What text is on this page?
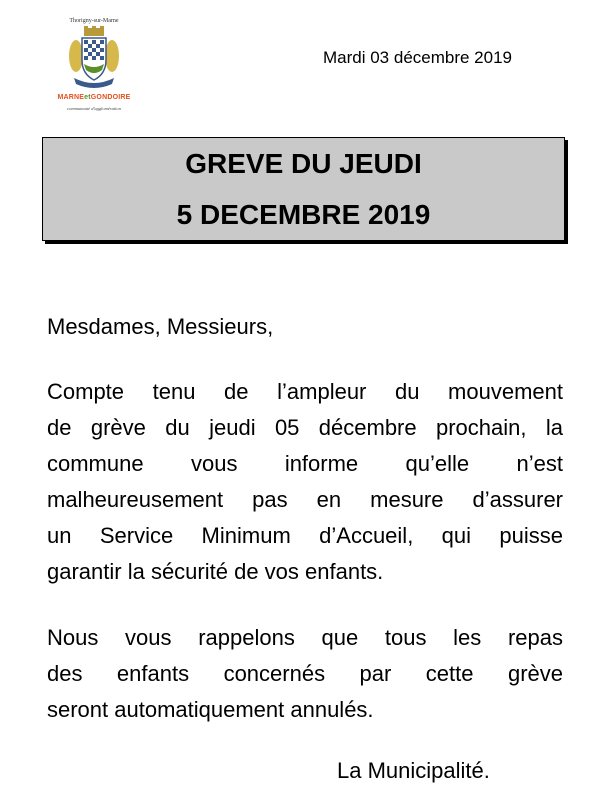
Thorigny-sur-Marne
MARNEetGONDOIRE
communauté d'agglomération
Mardi 03 décembre 2019
GREVE DU JEUDI
5 DECEMBRE 2019
Mesdames, Messieurs,
Compte tenu de l’ampleur du mouvement
de grève du jeudi 05 décembre prochain, la
commune vous informe qu’elle n’est
malheureusement pas en mesure d’assurer
un Service Minimum d’Accueil, qui puisse
garantir la sécurité de vos enfants.
Nous vous rappelons que tous les repas
des enfants concernés par cette grève
seront automatiquement annulés.
La Municipalité.
